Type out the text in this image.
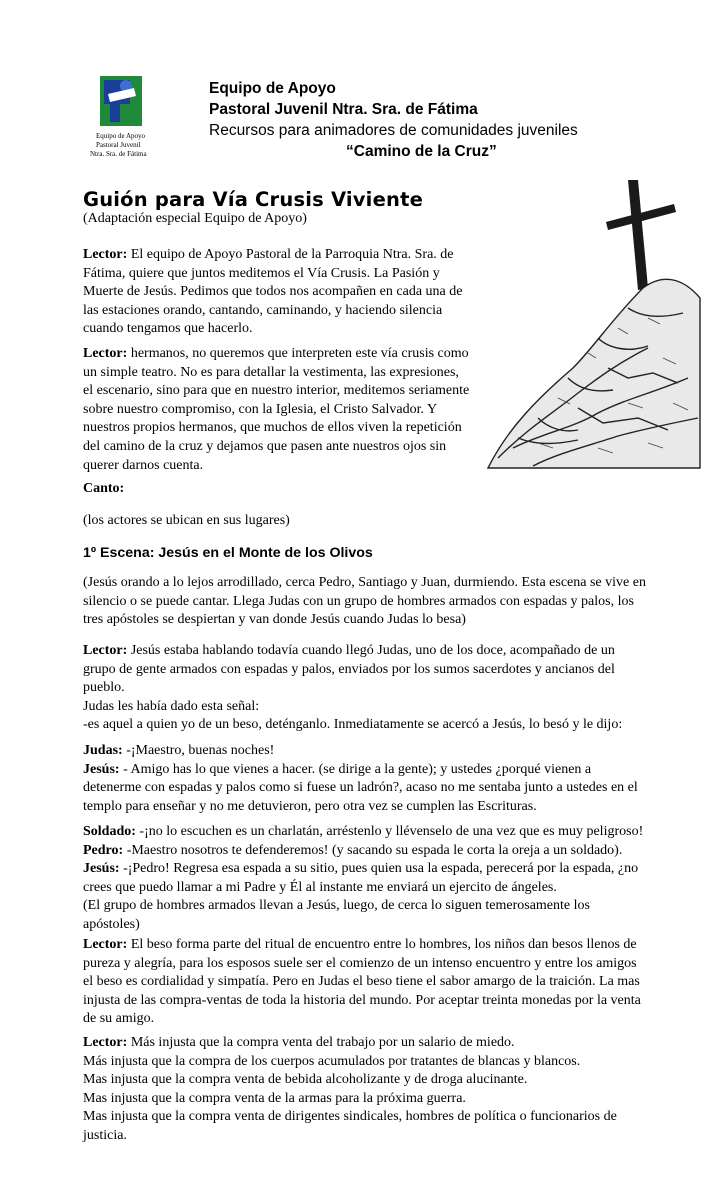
Equipo de Apoyo
Pastoral Juvenil
Ntra. Sra. de Fátima
Equipo de Apoyo
Pastoral Juvenil Ntra. Sra. de Fátima
Recursos para animadores de comunidades juveniles
“Camino de la Cruz”
Guión para Vía Crusis Viviente
(Adaptación especial Equipo de Apoyo)

Lector: El equipo de Apoyo Pastoral de la Parroquia Ntra. Sra. de

Fátima, quiere que juntos meditemos el Vía Crusis. La Pasión y

Muerte de Jesús. Pedimos que todos nos acompañen en cada una de

las estaciones orando, cantando, caminando, y haciendo silencia

cuando tengamos que hacerlo.

Lector: hermanos, no queremos que interpreten este vía crusis como

un simple teatro. No es para detallar la vestimenta, las expresiones,

el escenario, sino para que en nuestro interior, meditemos seriamente

sobre nuestro compromiso, con la Iglesia, el Cristo Salvador. Y

nuestros propios hermanos, que muchos de ellos viven la repetición

del camino de la cruz y dejamos que pasen ante nuestros ojos sin

querer darnos cuenta.

Canto:
(los actores se ubican en sus lugares)
1º Escena: Jesús en el Monte de los Olivos

(Jesús orando a lo lejos arrodillado, cerca Pedro, Santiago y Juan, durmiendo. Esta escena se vive en

silencio o se puede cantar. Llega Judas con un grupo de hombres armados con espadas y palos, los

tres apóstoles se despiertan y van donde Jesús cuando Judas lo besa)

Lector: Jesús estaba hablando todavía cuando llegó Judas, uno de los doce, acompañado de un

grupo de gente armados con espadas y palos, enviados por los sumos sacerdotes y ancianos del

pueblo.

Judas les había dado esta señal:

-es aquel a quien yo de un beso, deténganlo. Inmediatamente se acercó a Jesús, lo besó y le dijo:

Judas: -¡Maestro, buenas noches!

Jesús: - Amigo has lo que vienes a hacer. (se dirige a la gente); y ustedes ¿porqué vienen a

detenerme con espadas y palos como si fuese un ladrón?, acaso no me sentaba junto a ustedes en el

templo para enseñar y no me detuvieron, pero otra vez se cumplen las Escrituras.

Soldado: -¡no lo escuchen es un charlatán, arréstenlo y llévenselo de una vez que es muy peligroso!

Pedro: -Maestro nosotros te defenderemos! (y sacando su espada le corta la oreja a un soldado).

Jesús: -¡Pedro! Regresa esa espada a su sitio, pues quien usa la espada, perecerá por la espada, ¿no

crees que puedo llamar a mi Padre y Él al instante me enviará un ejercito de ángeles.

(El grupo de hombres armados llevan a Jesús, luego, de cerca lo siguen temerosamente los

apóstoles)

Lector: El beso forma parte del ritual de encuentro entre lo hombres, los niños dan besos llenos de

pureza y alegría, para los esposos suele ser el comienzo de un intenso encuentro y entre los amigos

el beso es cordialidad y simpatía. Pero en Judas el beso tiene el sabor amargo de la traición. La mas

injusta de las compra-ventas de toda la historia del mundo. Por aceptar treinta monedas por la venta

de su amigo.

Lector: Más injusta que la compra venta del trabajo por un salario de miedo.

Más injusta que la compra de los cuerpos acumulados por tratantes de blancas y blancos.

Mas injusta que la compra venta de bebida alcoholizante y de droga alucinante.

Mas injusta que la compra venta de la armas para la próxima guerra.

Mas injusta que la compra venta de dirigentes sindicales, hombres de política o funcionarios de

justicia.
